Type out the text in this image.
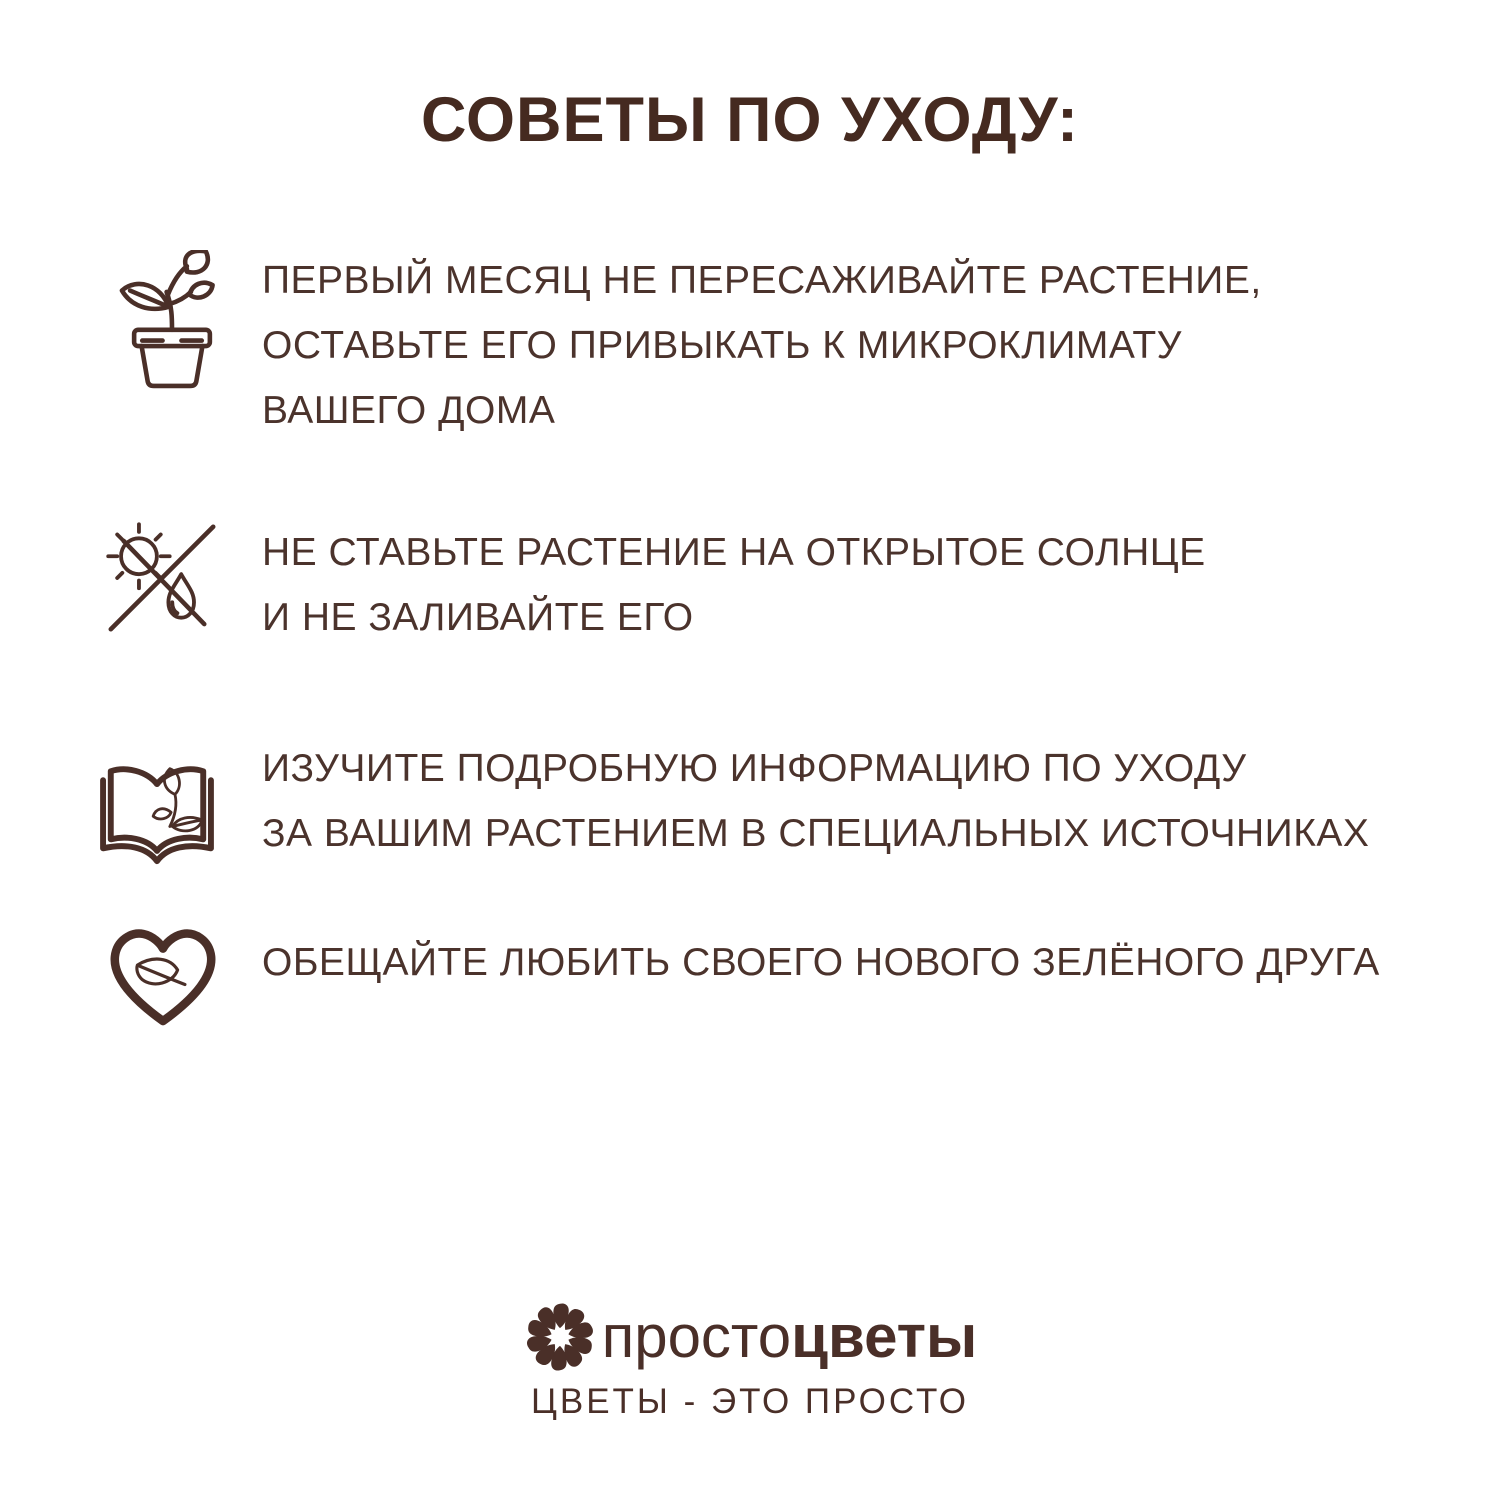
СОВЕТЫ ПО УХОДУ:
ПЕРВЫЙ МЕСЯЦ НЕ ПЕРЕСАЖИВАЙТЕ РАСТЕНИЕ,
ОСТАВЬТЕ ЕГО ПРИВЫКАТЬ К МИКРОКЛИМАТУ
ВАШЕГО ДОМА
НЕ СТАВЬТЕ РАСТЕНИЕ НА ОТКРЫТОЕ СОЛНЦЕ
И НЕ ЗАЛИВАЙТЕ ЕГО
ИЗУЧИТЕ ПОДРОБНУЮ ИНФОРМАЦИЮ ПО УХОДУ
ЗА ВАШИМ РАСТЕНИЕМ В СПЕЦИАЛЬНЫХ ИСТОЧНИКАХ
ОБЕЩАЙТЕ ЛЮБИТЬ СВОЕГО НОВОГО ЗЕЛЁНОГО ДРУГА
простоцветы
ЦВЕТЫ - ЭТО ПРОСТО
